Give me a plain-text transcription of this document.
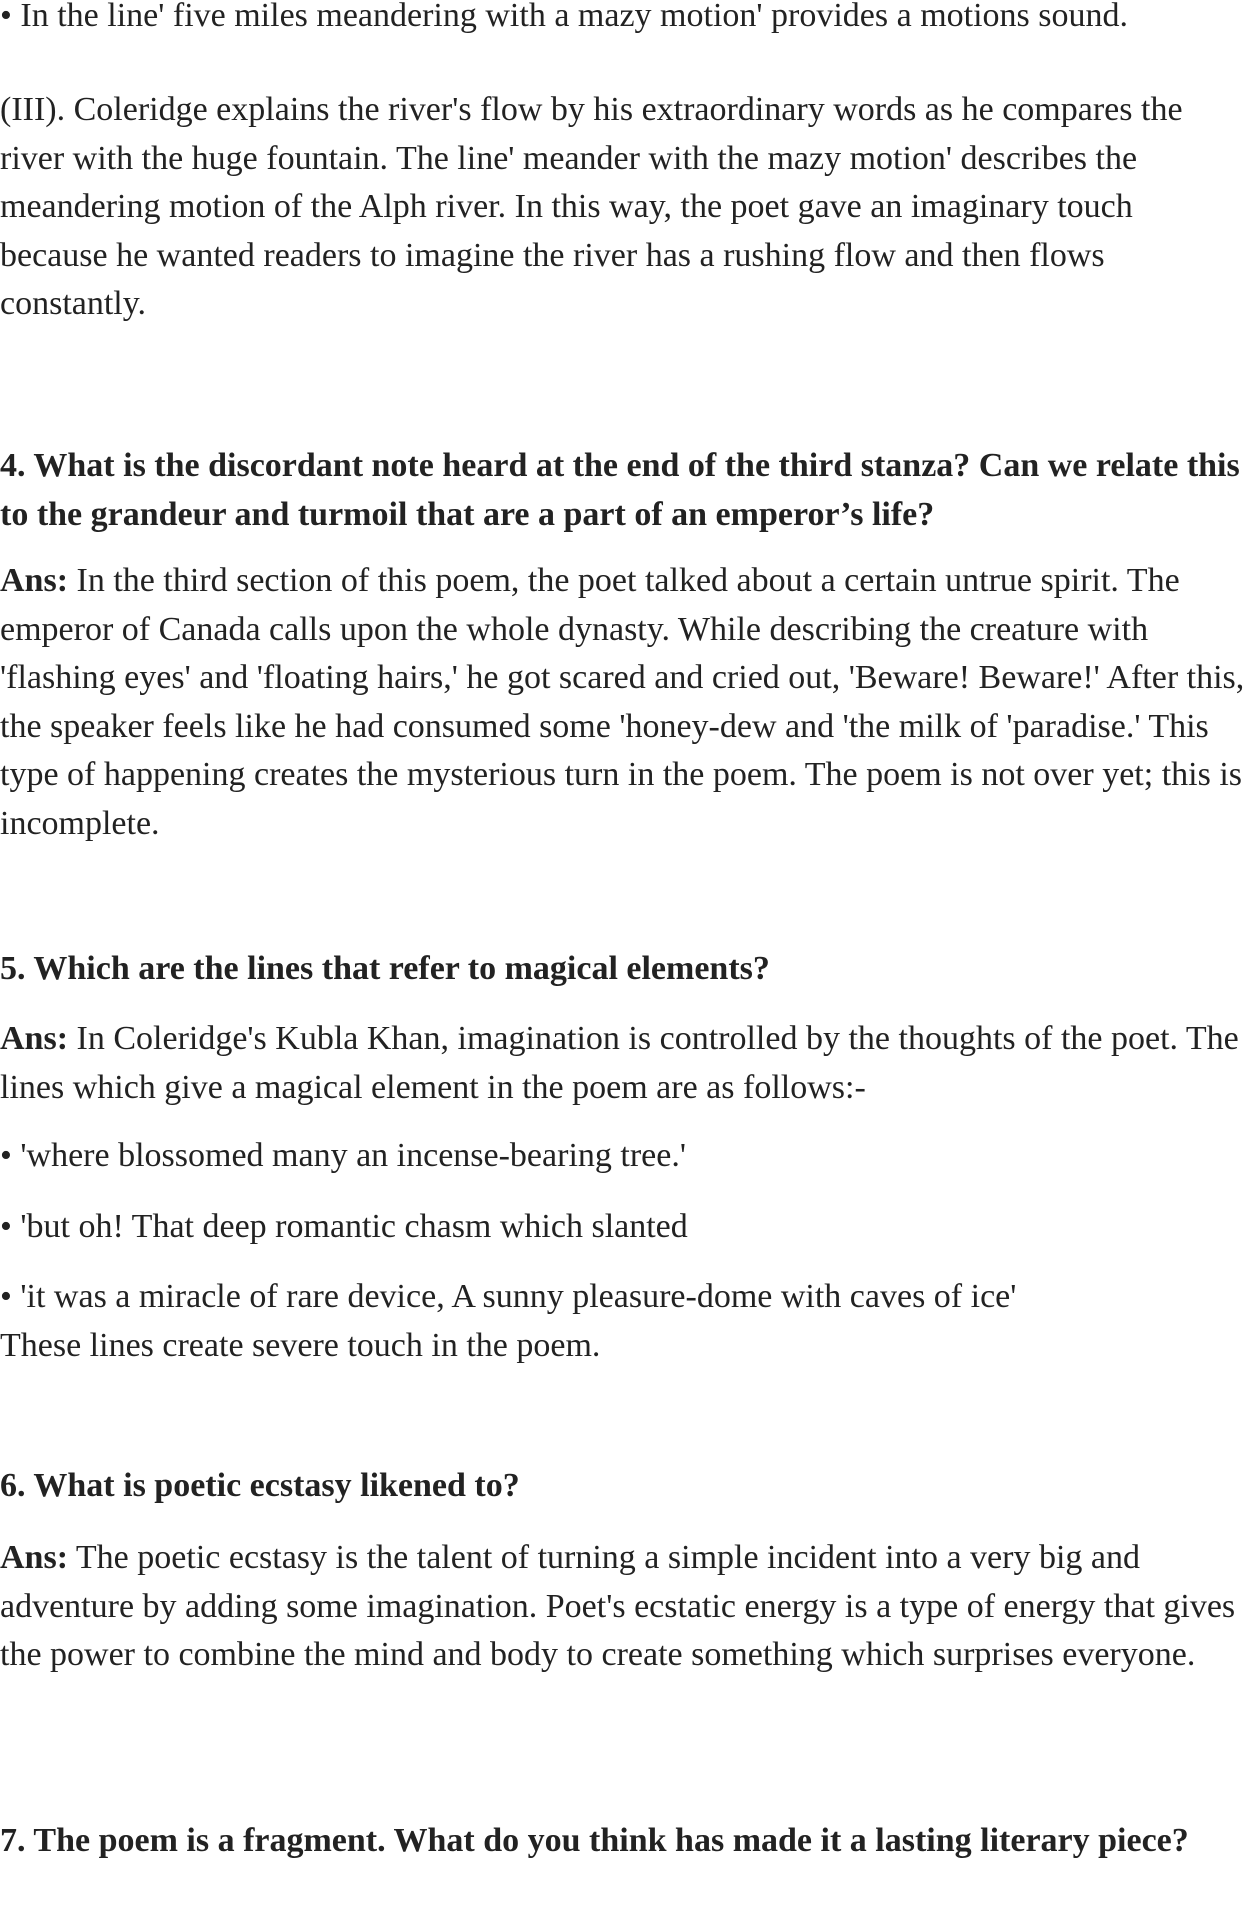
• In the line' five miles meandering with a mazy motion' provides a motions sound.

(III). Coleridge explains the river's flow by his extraordinary words as he compares the river with the huge fountain. The line' meander with the mazy motion' describes the meandering motion of the Alph river. In this way, the poet gave an imaginary touch because he wanted readers to imagine the river has a rushing flow and then flows constantly.

4. What is the discordant note heard at the end of the third stanza? Can we relate this to the grandeur and turmoil that are a part of an emperor’s life?

Ans: In the third section of this poem, the poet talked about a certain untrue spirit. The emperor of Canada calls upon the whole dynasty. While describing the creature with 'flashing eyes' and 'floating hairs,' he got scared and cried out, 'Beware! Beware!' After this, the speaker feels like he had consumed some 'honey-dew and 'the milk of 'paradise.' This type of happening creates the mysterious turn in the poem. The poem is not over yet; this is incomplete.

5. Which are the lines that refer to magical elements?

Ans: In Coleridge's Kubla Khan, imagination is controlled by the thoughts of the poet. The lines which give a magical element in the poem are as follows:-

• 'where blossomed many an incense-bearing tree.'

• 'but oh! That deep romantic chasm which slanted

• 'it was a miracle of rare device, A sunny pleasure-dome with caves of ice'

These lines create severe touch in the poem.

6. What is poetic ecstasy likened to?

Ans: The poetic ecstasy is the talent of turning a simple incident into a very big and adventure by adding some imagination. Poet's ecstatic energy is a type of energy that gives the power to combine the mind and body to create something which surprises everyone.

7. The poem is a fragment. What do you think has made it a lasting literary piece?
